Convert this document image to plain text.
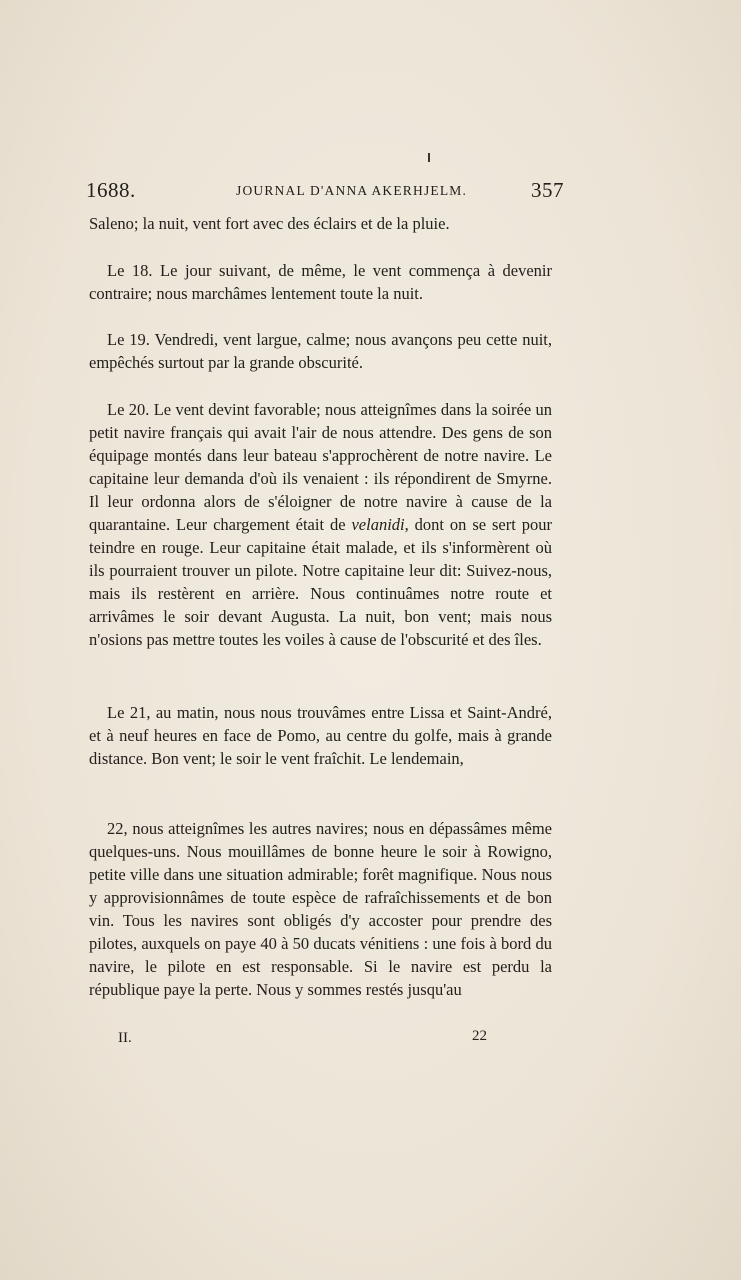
1688.	JOURNAL D'ANNA AKERHJELM.	357

Saleno; la nuit, vent fort avec des éclairs et de la pluie.

Le 18. Le jour suivant, de même, le vent commença à devenir contraire; nous marchâmes lentement toute la nuit.

Le 19. Vendredi, vent largue, calme; nous avançons peu cette nuit, empêchés surtout par la grande obscurité.

Le 20. Le vent devint favorable; nous atteignîmes dans la soirée un petit navire français qui avait l'air de nous attendre. Des gens de son équipage montés dans leur bateau s'approchèrent de notre navire. Le capitaine leur demanda d'où ils venaient : ils répondirent de Smyrne. Il leur ordonna alors de s'éloigner de notre navire à cause de la quarantaine. Leur chargement était de velanidi, dont on se sert pour teindre en rouge. Leur capitaine était malade, et ils s'informèrent où ils pourraient trouver un pilote. Notre capitaine leur dit: Suivez-nous, mais ils restèrent en arrière. Nous continuâmes notre route et arrivâmes le soir devant Augusta. La nuit, bon vent; mais nous n'osions pas mettre toutes les voiles à cause de l'obscurité et des îles.

Le 21, au matin, nous nous trouvâmes entre Lissa et Saint-André, et à neuf heures en face de Pomo, au centre du golfe, mais à grande distance. Bon vent; le soir le vent fraîchit. Le lendemain,

22, nous atteignîmes les autres navires; nous en dépassâmes même quelques-uns. Nous mouillâmes de bonne heure le soir à Rowigno, petite ville dans une situation admirable; forêt magnifique. Nous nous y approvisionnâmes de toute espèce de rafraîchissements et de bon vin. Tous les navires sont obligés d'y accoster pour prendre des pilotes, auxquels on paye 40 à 50 ducats vénitiens : une fois à bord du navire, le pilote en est responsable. Si le navire est perdu la république paye la perte. Nous y sommes restés jusqu'au

II.	22
